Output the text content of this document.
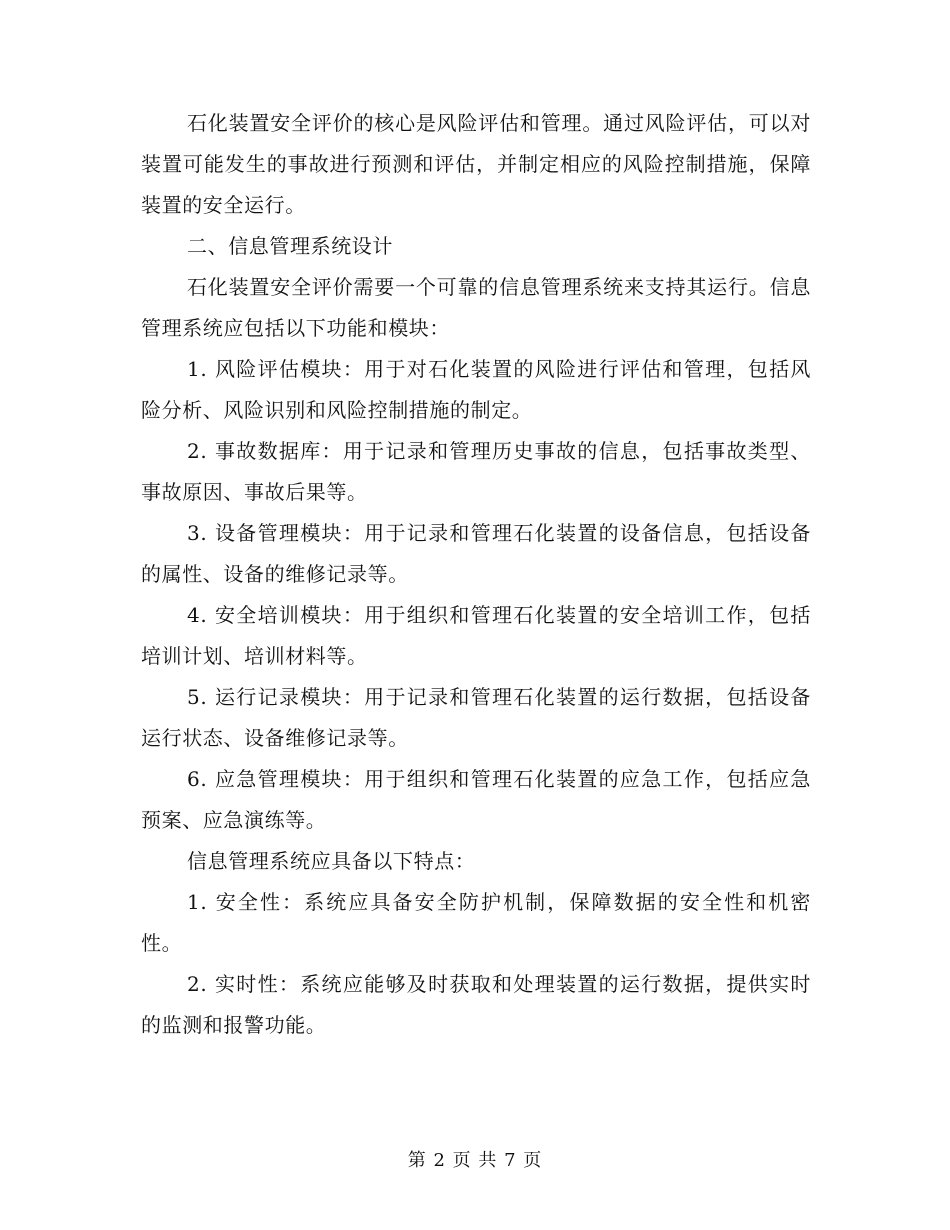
石化装置安全评价的核心是风险评估和管理。通过风险评估，可以对装置可能发生的事故进行预测和评估，并制定相应的风险控制措施，保障装置的安全运行。

二、信息管理系统设计

石化装置安全评价需要一个可靠的信息管理系统来支持其运行。信息管理系统应包括以下功能和模块：

1. 风险评估模块：用于对石化装置的风险进行评估和管理，包括风险分析、风险识别和风险控制措施的制定。

2. 事故数据库：用于记录和管理历史事故的信息，包括事故类型、事故原因、事故后果等。

3. 设备管理模块：用于记录和管理石化装置的设备信息，包括设备的属性、设备的维修记录等。

4. 安全培训模块：用于组织和管理石化装置的安全培训工作，包括培训计划、培训材料等。

5. 运行记录模块：用于记录和管理石化装置的运行数据，包括设备运行状态、设备维修记录等。

6. 应急管理模块：用于组织和管理石化装置的应急工作，包括应急预案、应急演练等。

信息管理系统应具备以下特点：

1. 安全性：系统应具备安全防护机制，保障数据的安全性和机密性。

2. 实时性：系统应能够及时获取和处理装置的运行数据，提供实时的监测和报警功能。

第 2 页 共 7 页
